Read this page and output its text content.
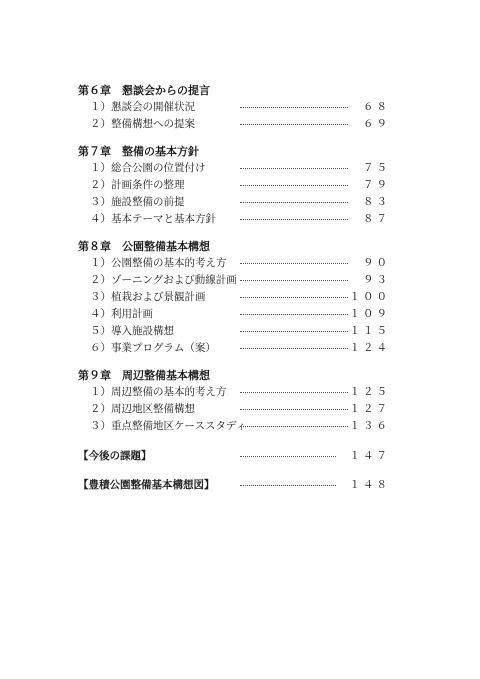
第６章　懇談会からの提言
１）懇談会の開催状況	６８
２）整備構想への提案	６９
第７章　整備の基本方針
１）総合公園の位置付け	７５
２）計画条件の整理	７９
３）施設整備の前提	８３
４）基本テーマと基本方針	８７
第８章　公園整備基本構想
１）公園整備の基本的考え方	９０
２）ゾーニングおよび動線計画	９３
３）植栽および景観計画	１００
４）利用計画	１０９
５）導入施設構想	１１５
６）事業プログラム（案）	１２４
第９章　周辺整備基本構想
１）周辺整備の基本的考え方	１２５
２）周辺地区整備構想	１２７
３）重点整備地区ケーススタディ	１３６
【今後の課題】	１４７
【豊積公園整備基本構想図】	１４８
